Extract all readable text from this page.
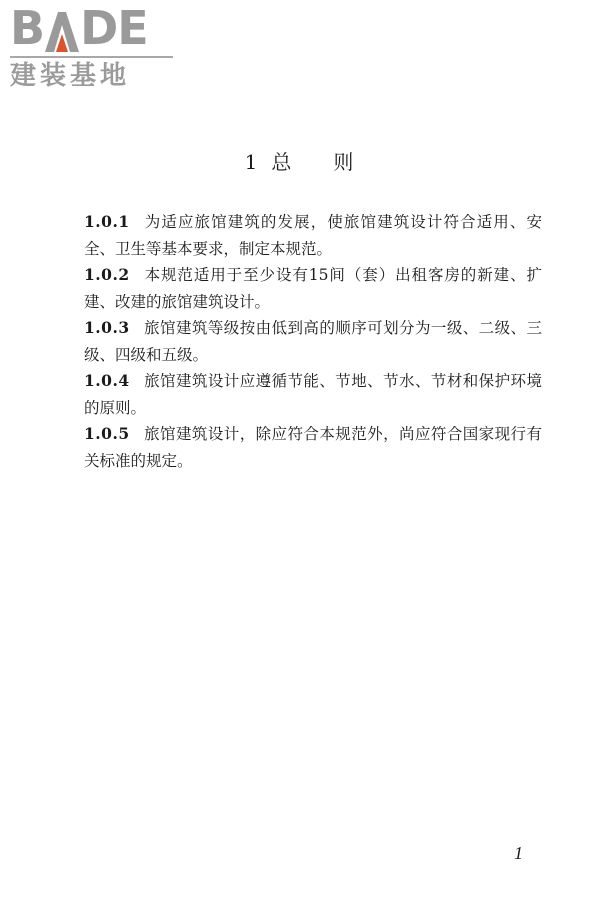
B DE
建装基地
1 总 则

1.0.1 为适应旅馆建筑的发展，使旅馆建筑设计符合适用、安全、卫生等基本要求，制定本规范。

1.0.2 本规范适用于至少设有15间（套）出租客房的新建、扩建、改建的旅馆建筑设计。

1.0.3 旅馆建筑等级按由低到高的顺序可划分为一级、二级、三级、四级和五级。

1.0.4 旅馆建筑设计应遵循节能、节地、节水、节材和保护环境的原则。

1.0.5 旅馆建筑设计，除应符合本规范外，尚应符合国家现行有关标准的规定。

1
